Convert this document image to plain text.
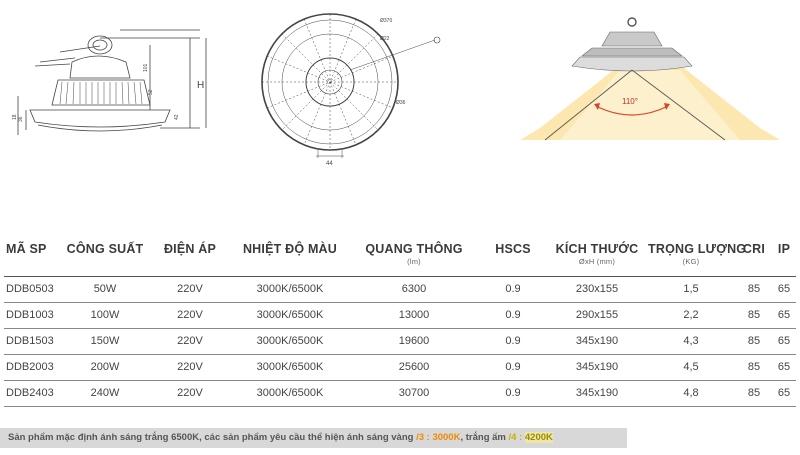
H
101
36	42
52
18
Ø370
Ø22
Ø36
44
110°
MÃ SP	CÔNG SUẤT	ĐIỆN ÁP	NHIỆT ĐỘ MÀU	QUANG THÔNG
(lm)	HSCS	KÍCH THƯỚC
ØxH (mm)	TRỌNG LƯỢNG
(KG)	CRI	IP
DDB0503	50W	220V	3000K/6500K	6300	0.9	230x155	1,5	85	65
DDB1003	100W	220V	3000K/6500K	13000	0.9	290x155	2,2	85	65
DDB1503	150W	220V	3000K/6500K	19600	0.9	345x190	4,3	85	65
DDB2003	200W	220V	3000K/6500K	25600	0.9	345x190	4,5	85	65
DDB2403	240W	220V	3000K/6500K	30700	0.9	345x190	4,8	85	65
Sản phẩm mặc định ánh sáng trắng 6500K, các sản phẩm yêu cầu thể hiện ánh sáng vàng /3 : 3000K, trắng ấm /4 : 4200K
